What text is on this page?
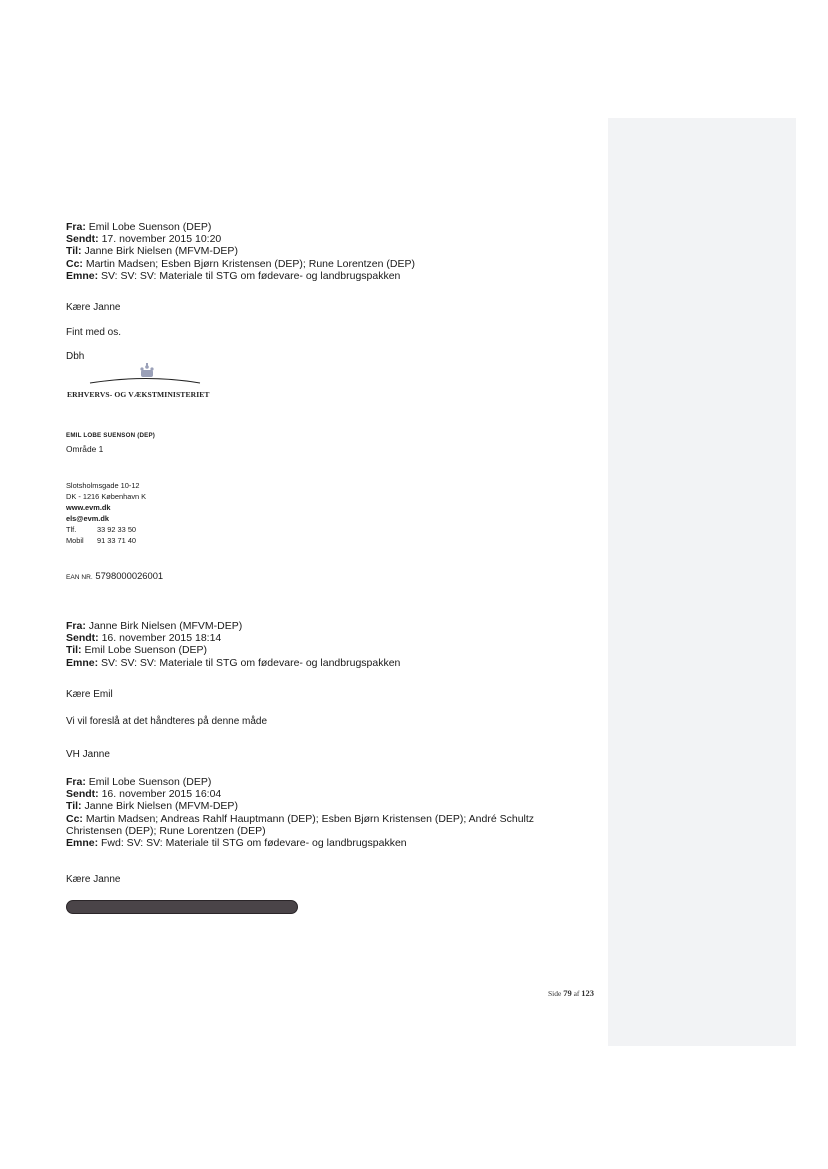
Fra: Emil Lobe Suenson (DEP)
Sendt: 17. november 2015 10:20
Til: Janne Birk Nielsen (MFVM-DEP)
Cc: Martin Madsen; Esben Bjørn Kristensen (DEP); Rune Lorentzen (DEP)
Emne: SV: SV: SV: Materiale til STG om fødevare- og landbrugspakken
Kære Janne
Fint med os.
Dbh
ERHVERVS- OG VÆKSTMINISTERIET
EMIL LOBE SUENSON (DEP)
Område 1
Slotsholmsgade 10-12
DK - 1216 København K
www.evm.dk
els@evm.dk
Tlf.	33 92 33 50
Mobil 91 33 71 40
EAN NR. 5798000026001
Fra: Janne Birk Nielsen (MFVM-DEP)
Sendt: 16. november 2015 18:14
Til: Emil Lobe Suenson (DEP)
Emne: SV: SV: SV: Materiale til STG om fødevare- og landbrugspakken
Kære Emil
Vi vil foreslå at det håndteres på denne måde
VH Janne
Fra: Emil Lobe Suenson (DEP)
Sendt: 16. november 2015 16:04
Til: Janne Birk Nielsen (MFVM-DEP)
Cc: Martin Madsen; Andreas Rahlf Hauptmann (DEP); Esben Bjørn Kristensen (DEP); André Schultz
Christensen (DEP); Rune Lorentzen (DEP)
Emne: Fwd: SV: SV: Materiale til STG om fødevare- og landbrugspakken
Kære Janne
Side 79 af 123
